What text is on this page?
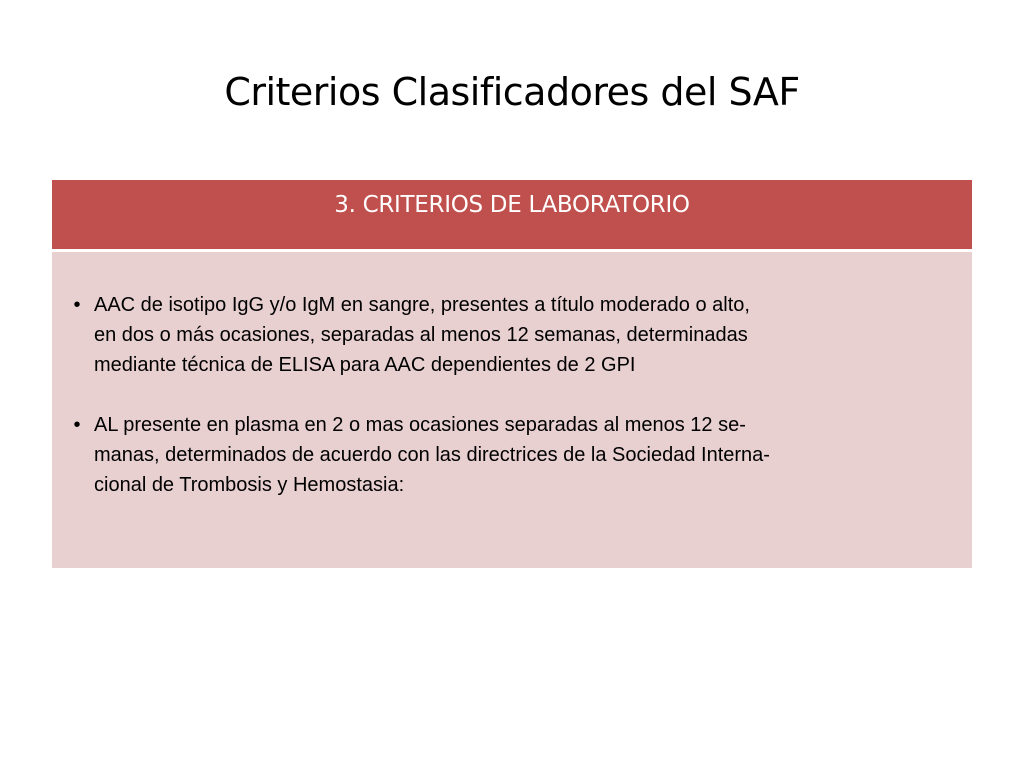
Criterios Clasificadores del SAF
3. CRITERIOS DE LABORATORIO
• AAC de isotipo IgG y/o IgM en sangre, presentes a título moderado o alto,
en dos o más ocasiones, separadas al menos 12 semanas, determinadas
mediante técnica de ELISA para AAC dependientes de 2 GPI
• AL presente en plasma en 2 o mas ocasiones separadas al menos 12 se-
manas, determinados de acuerdo con las directrices de la Sociedad Interna-
cional de Trombosis y Hemostasia:
